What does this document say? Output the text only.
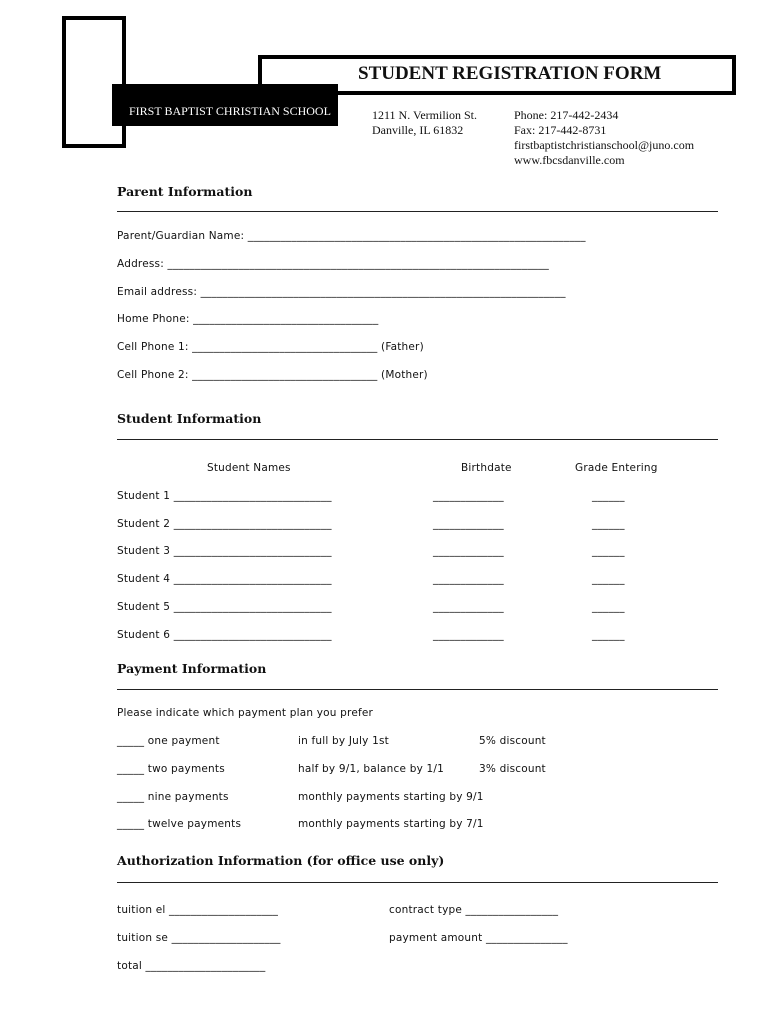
STUDENT REGISTRATION FORM
FIRST BAPTIST CHRISTIAN SCHOOL	1211 N. Vermilion St.
Danville, IL 61832
Phone: 217-442-2434
Fax: 217-442-8731
firstbaptistchristianschool@juno.com
www.fbcsdanville.com
Parent Information
Parent/Guardian Name: ______________________________________________________________
Address: ______________________________________________________________________
Email address: ___________________________________________________________________
Home Phone: __________________________________
Cell Phone 1: __________________________________ (Father)
Cell Phone 2: __________________________________ (Mother)
Student Information
Student Names	Birthdate	Grade Entering
Student 1 _____________________________	_____________	______
Student 2 _____________________________	_____________	______
Student 3 _____________________________	_____________	______
Student 4 _____________________________	_____________	______
Student 5 _____________________________	_____________	______
Student 6 _____________________________	_____________	______
Payment Information
Please indicate which payment plan you prefer
_____ one payment	in full by July 1st	5% discount
_____ two payments	half by 9/1, balance by 1/1	3% discount
_____ nine payments	monthly payments starting by 9/1
_____ twelve payments	monthly payments starting by 7/1
Authorization Information (for office use only)
tuition el ____________________	contract type _________________
tuition se ____________________	payment amount _______________
total ______________________
